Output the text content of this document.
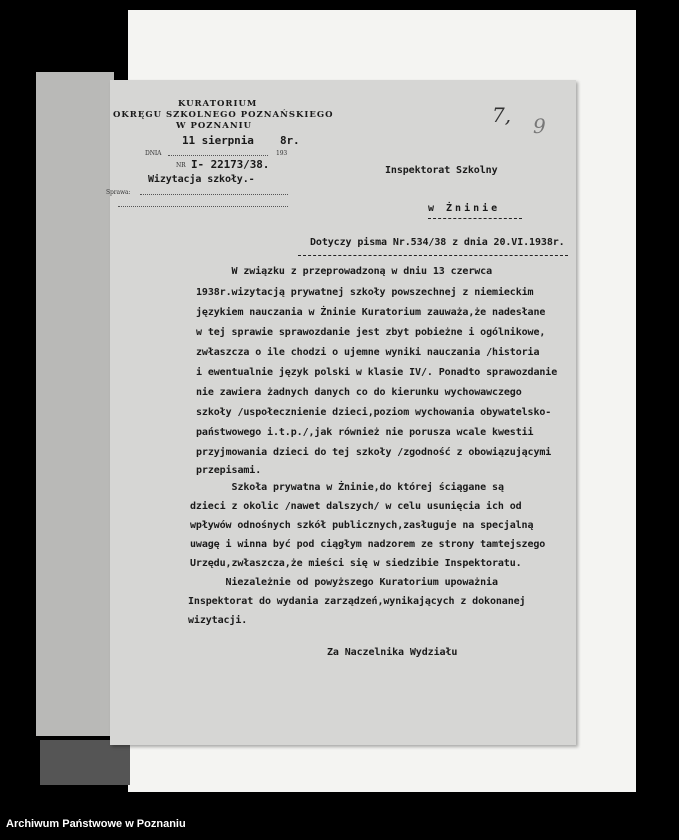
KURATORIUM
OKRĘGU SZKOLNEGO POZNAŃSKIEGO
W POZNANIU
11 sierpnia 8r.
DNIA	193
NR I- 22173/38.
Wizytacja szkoły.-
Sprawa:
7, 9
Inspektorat Szkolny
w Żninie
Dotyczy pisma Nr.534/38 z dnia 20.VI.1938r.
W związku z przeprowadzoną w dniu 13 czerwca
1938r.wizytacją prywatnej szkoły powszechnej z niemieckim
językiem nauczania w Żninie Kuratorium zauważa,że nadesłane
w tej sprawie sprawozdanie jest zbyt pobieżne i ogólnikowe,
zwłaszcza o ile chodzi o ujemne wyniki nauczania /historia
i ewentualnie język polski w klasie IV/. Ponadto sprawozdanie
nie zawiera żadnych danych co do kierunku wychowawczego
szkoły /uspołecznienie dzieci,poziom wychowania obywatelsko-
państwowego i.t.p./,jak również nie porusza wcale kwestii
przyjmowania dzieci do tej szkoły /zgodność z obowiązującymi
przepisami.
Szkoła prywatna w Żninie,do której ściągane są
dzieci z okolic /nawet dalszych/ w celu usunięcia ich od
wpływów odnośnych szkół publicznych,zasługuje na specjalną
uwagę i winna być pod ciągłym nadzorem ze strony tamtejszego
Urzędu,zwłaszcza,że mieści się w siedzibie Inspektoratu.
Niezależnie od powyższego Kuratorium upoważnia
Inspektorat do wydania zarządzeń,wynikających z dokonanej
wizytacji.
Za Naczelnika Wydziału
Archiwum Państwowe w Poznaniu
